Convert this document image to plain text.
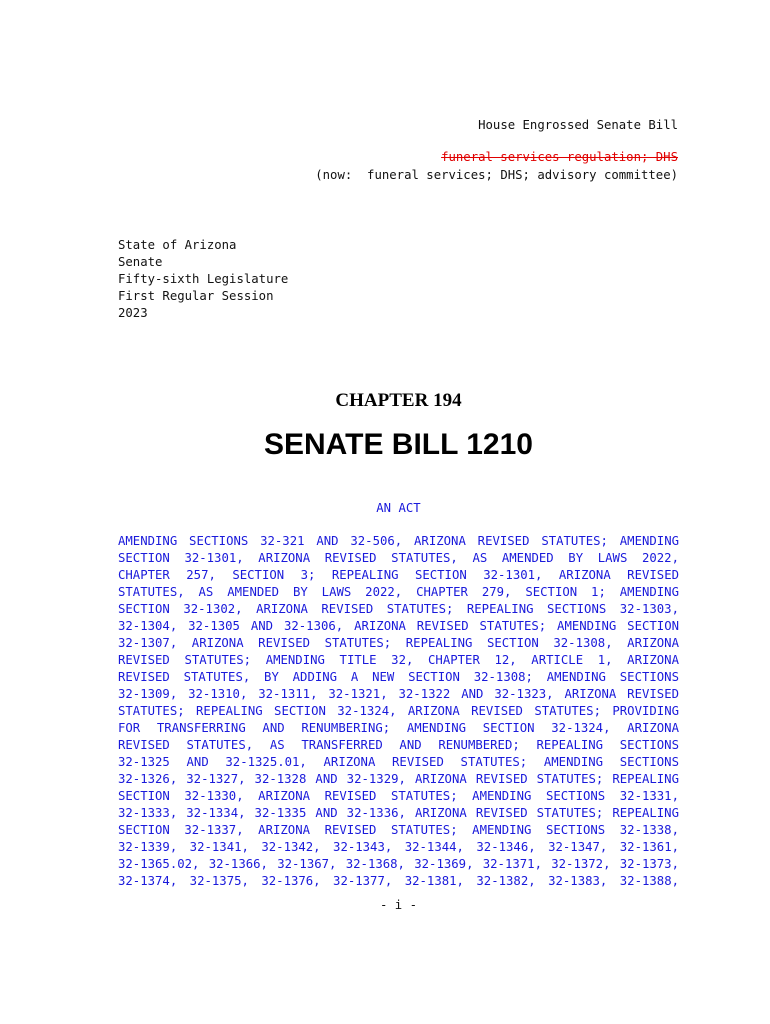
House Engrossed Senate Bill
funeral services regulation; DHS
(now:  funeral services; DHS; advisory committee)
State of Arizona
Senate
Fifty-sixth Legislature
First Regular Session
2023
CHAPTER 194
SENATE BILL 1210
AN ACT
AMENDING SECTIONS 32-321 AND 32-506, ARIZONA REVISED STATUTES; AMENDING
SECTION 32-1301, ARIZONA REVISED STATUTES, AS AMENDED BY LAWS 2022,
CHAPTER 257, SECTION 3; REPEALING SECTION 32-1301, ARIZONA REVISED
STATUTES, AS AMENDED BY LAWS 2022, CHAPTER 279, SECTION 1; AMENDING
SECTION 32-1302, ARIZONA REVISED STATUTES; REPEALING SECTIONS 32-1303,
32-1304, 32-1305 AND 32-1306, ARIZONA REVISED STATUTES; AMENDING SECTION
32-1307, ARIZONA REVISED STATUTES; REPEALING SECTION 32-1308, ARIZONA
REVISED STATUTES; AMENDING TITLE 32, CHAPTER 12, ARTICLE 1, ARIZONA
REVISED STATUTES, BY ADDING A NEW SECTION 32-1308; AMENDING SECTIONS
32-1309, 32-1310, 32-1311, 32-1321, 32-1322 AND 32-1323, ARIZONA REVISED
STATUTES; REPEALING SECTION 32-1324, ARIZONA REVISED STATUTES; PROVIDING
FOR TRANSFERRING AND RENUMBERING; AMENDING SECTION 32-1324, ARIZONA
REVISED STATUTES, AS TRANSFERRED AND RENUMBERED; REPEALING SECTIONS
32-1325 AND 32-1325.01, ARIZONA REVISED STATUTES; AMENDING SECTIONS
32-1326, 32-1327, 32-1328 AND 32-1329, ARIZONA REVISED STATUTES; REPEALING
SECTION 32-1330, ARIZONA REVISED STATUTES; AMENDING SECTIONS 32-1331,
32-1333, 32-1334, 32-1335 AND 32-1336, ARIZONA REVISED STATUTES; REPEALING
SECTION 32-1337, ARIZONA REVISED STATUTES; AMENDING SECTIONS 32-1338,
32-1339, 32-1341, 32-1342, 32-1343, 32-1344, 32-1346, 32-1347, 32-1361,
32-1365.02, 32-1366, 32-1367, 32-1368, 32-1369, 32-1371, 32-1372, 32-1373,
32-1374, 32-1375, 32-1376, 32-1377, 32-1381, 32-1382, 32-1383, 32-1388,
- i -
